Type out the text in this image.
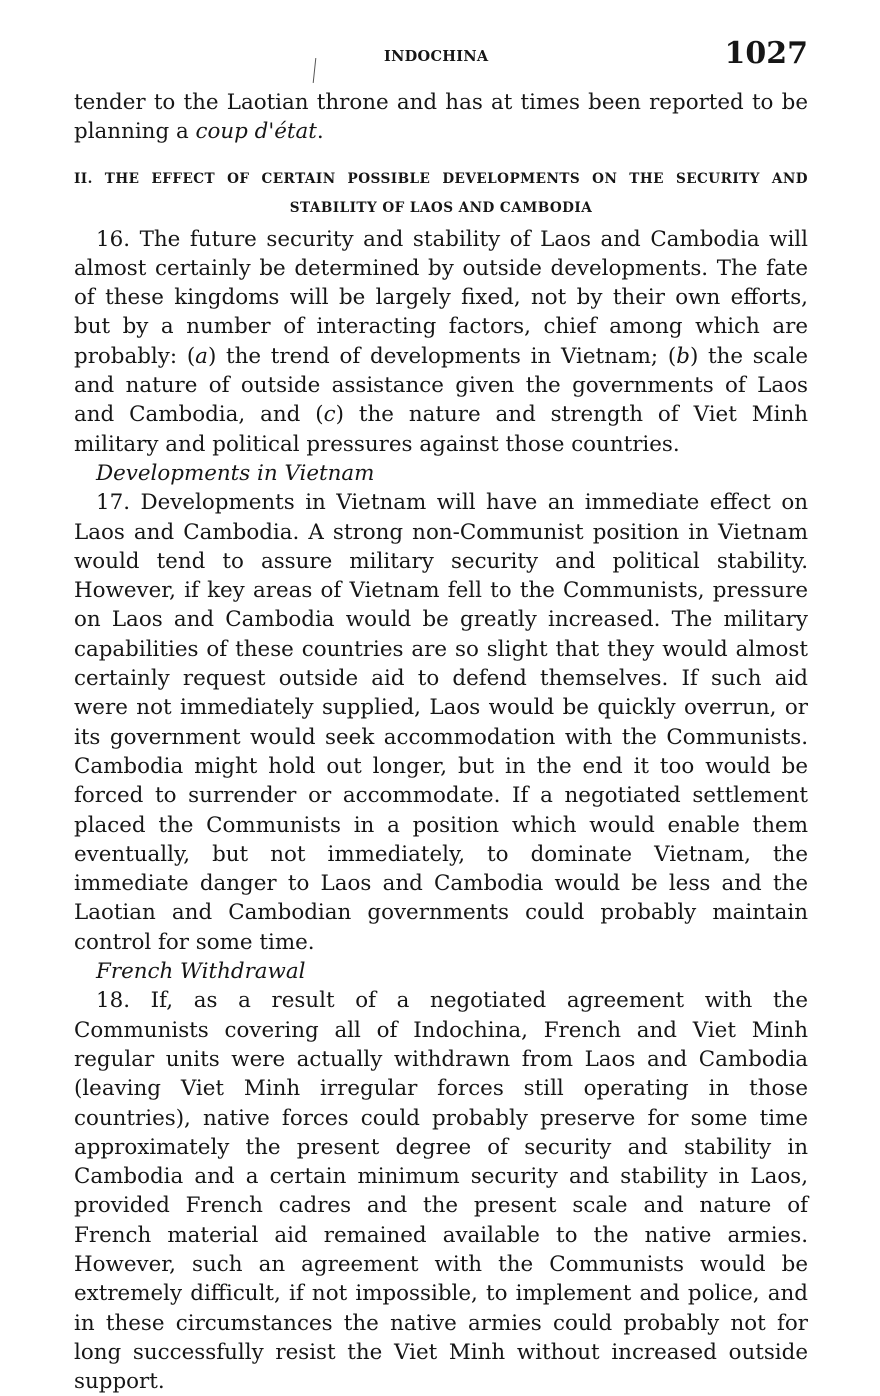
INDOCHINA	1027

tender to the Laotian throne and has at times been reported to be planning a coup d'état.

II. THE EFFECT OF CERTAIN POSSIBLE DEVELOPMENTS ON THE SECURITY AND STABILITY OF LAOS AND CAMBODIA

16. The future security and stability of Laos and Cambodia will almost certainly be determined by outside developments. The fate of these kingdoms will be largely fixed, not by their own efforts, but by a number of interacting factors, chief among which are probably: (a) the trend of developments in Vietnam; (b) the scale and nature of outside assistance given the governments of Laos and Cambodia, and (c) the nature and strength of Viet Minh military and political pressures against those countries.

Developments in Vietnam

17. Developments in Vietnam will have an immediate effect on Laos and Cambodia. A strong non-Communist position in Vietnam would tend to assure military security and political stability. However, if key areas of Vietnam fell to the Communists, pressure on Laos and Cambodia would be greatly increased. The military capabilities of these countries are so slight that they would almost certainly request outside aid to defend themselves. If such aid were not immediately supplied, Laos would be quickly overrun, or its government would seek accommodation with the Communists. Cambodia might hold out longer, but in the end it too would be forced to surrender or accommodate. If a negotiated settlement placed the Communists in a position which would enable them eventually, but not immediately, to dominate Vietnam, the immediate danger to Laos and Cambodia would be less and the Laotian and Cambodian governments could probably maintain control for some time.

French Withdrawal

18. If, as a result of a negotiated agreement with the Communists covering all of Indochina, French and Viet Minh regular units were actually withdrawn from Laos and Cambodia (leaving Viet Minh irregular forces still operating in those countries), native forces could probably preserve for some time approximately the present degree of security and stability in Cambodia and a certain minimum security and stability in Laos, provided French cadres and the present scale and nature of French material aid remained available to the native armies. However, such an agreement with the Communists would be extremely difficult, if not impossible, to implement and police, and in these circumstances the native armies could probably not for long successfully resist the Viet Minh without increased outside support.
